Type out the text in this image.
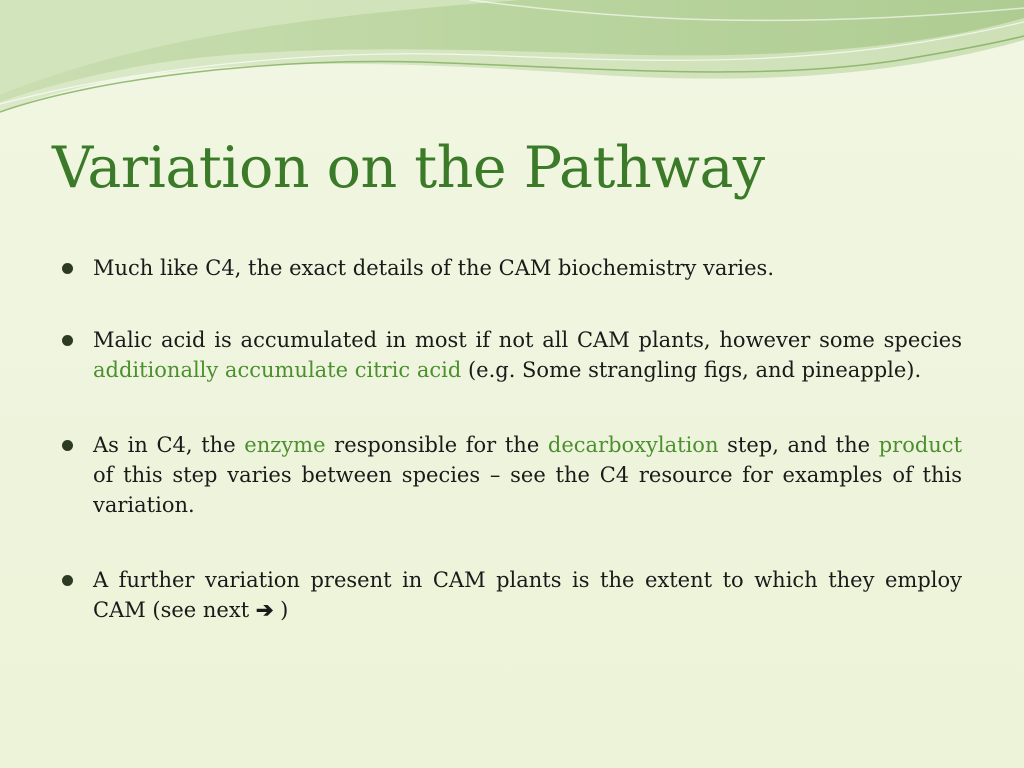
Variation on the Pathway
Much like C4, the exact details of the CAM biochemistry varies.
Malic acid is accumulated in most if not all CAM plants, however some species additionally accumulate citric acid (e.g. Some strangling figs, and pineapple).
As in C4, the enzyme responsible for the decarboxylation step, and the product of this step varies between species – see the C4 resource for examples of this variation.
A further variation present in CAM plants is the extent to which they employ CAM (see next ➔ )
